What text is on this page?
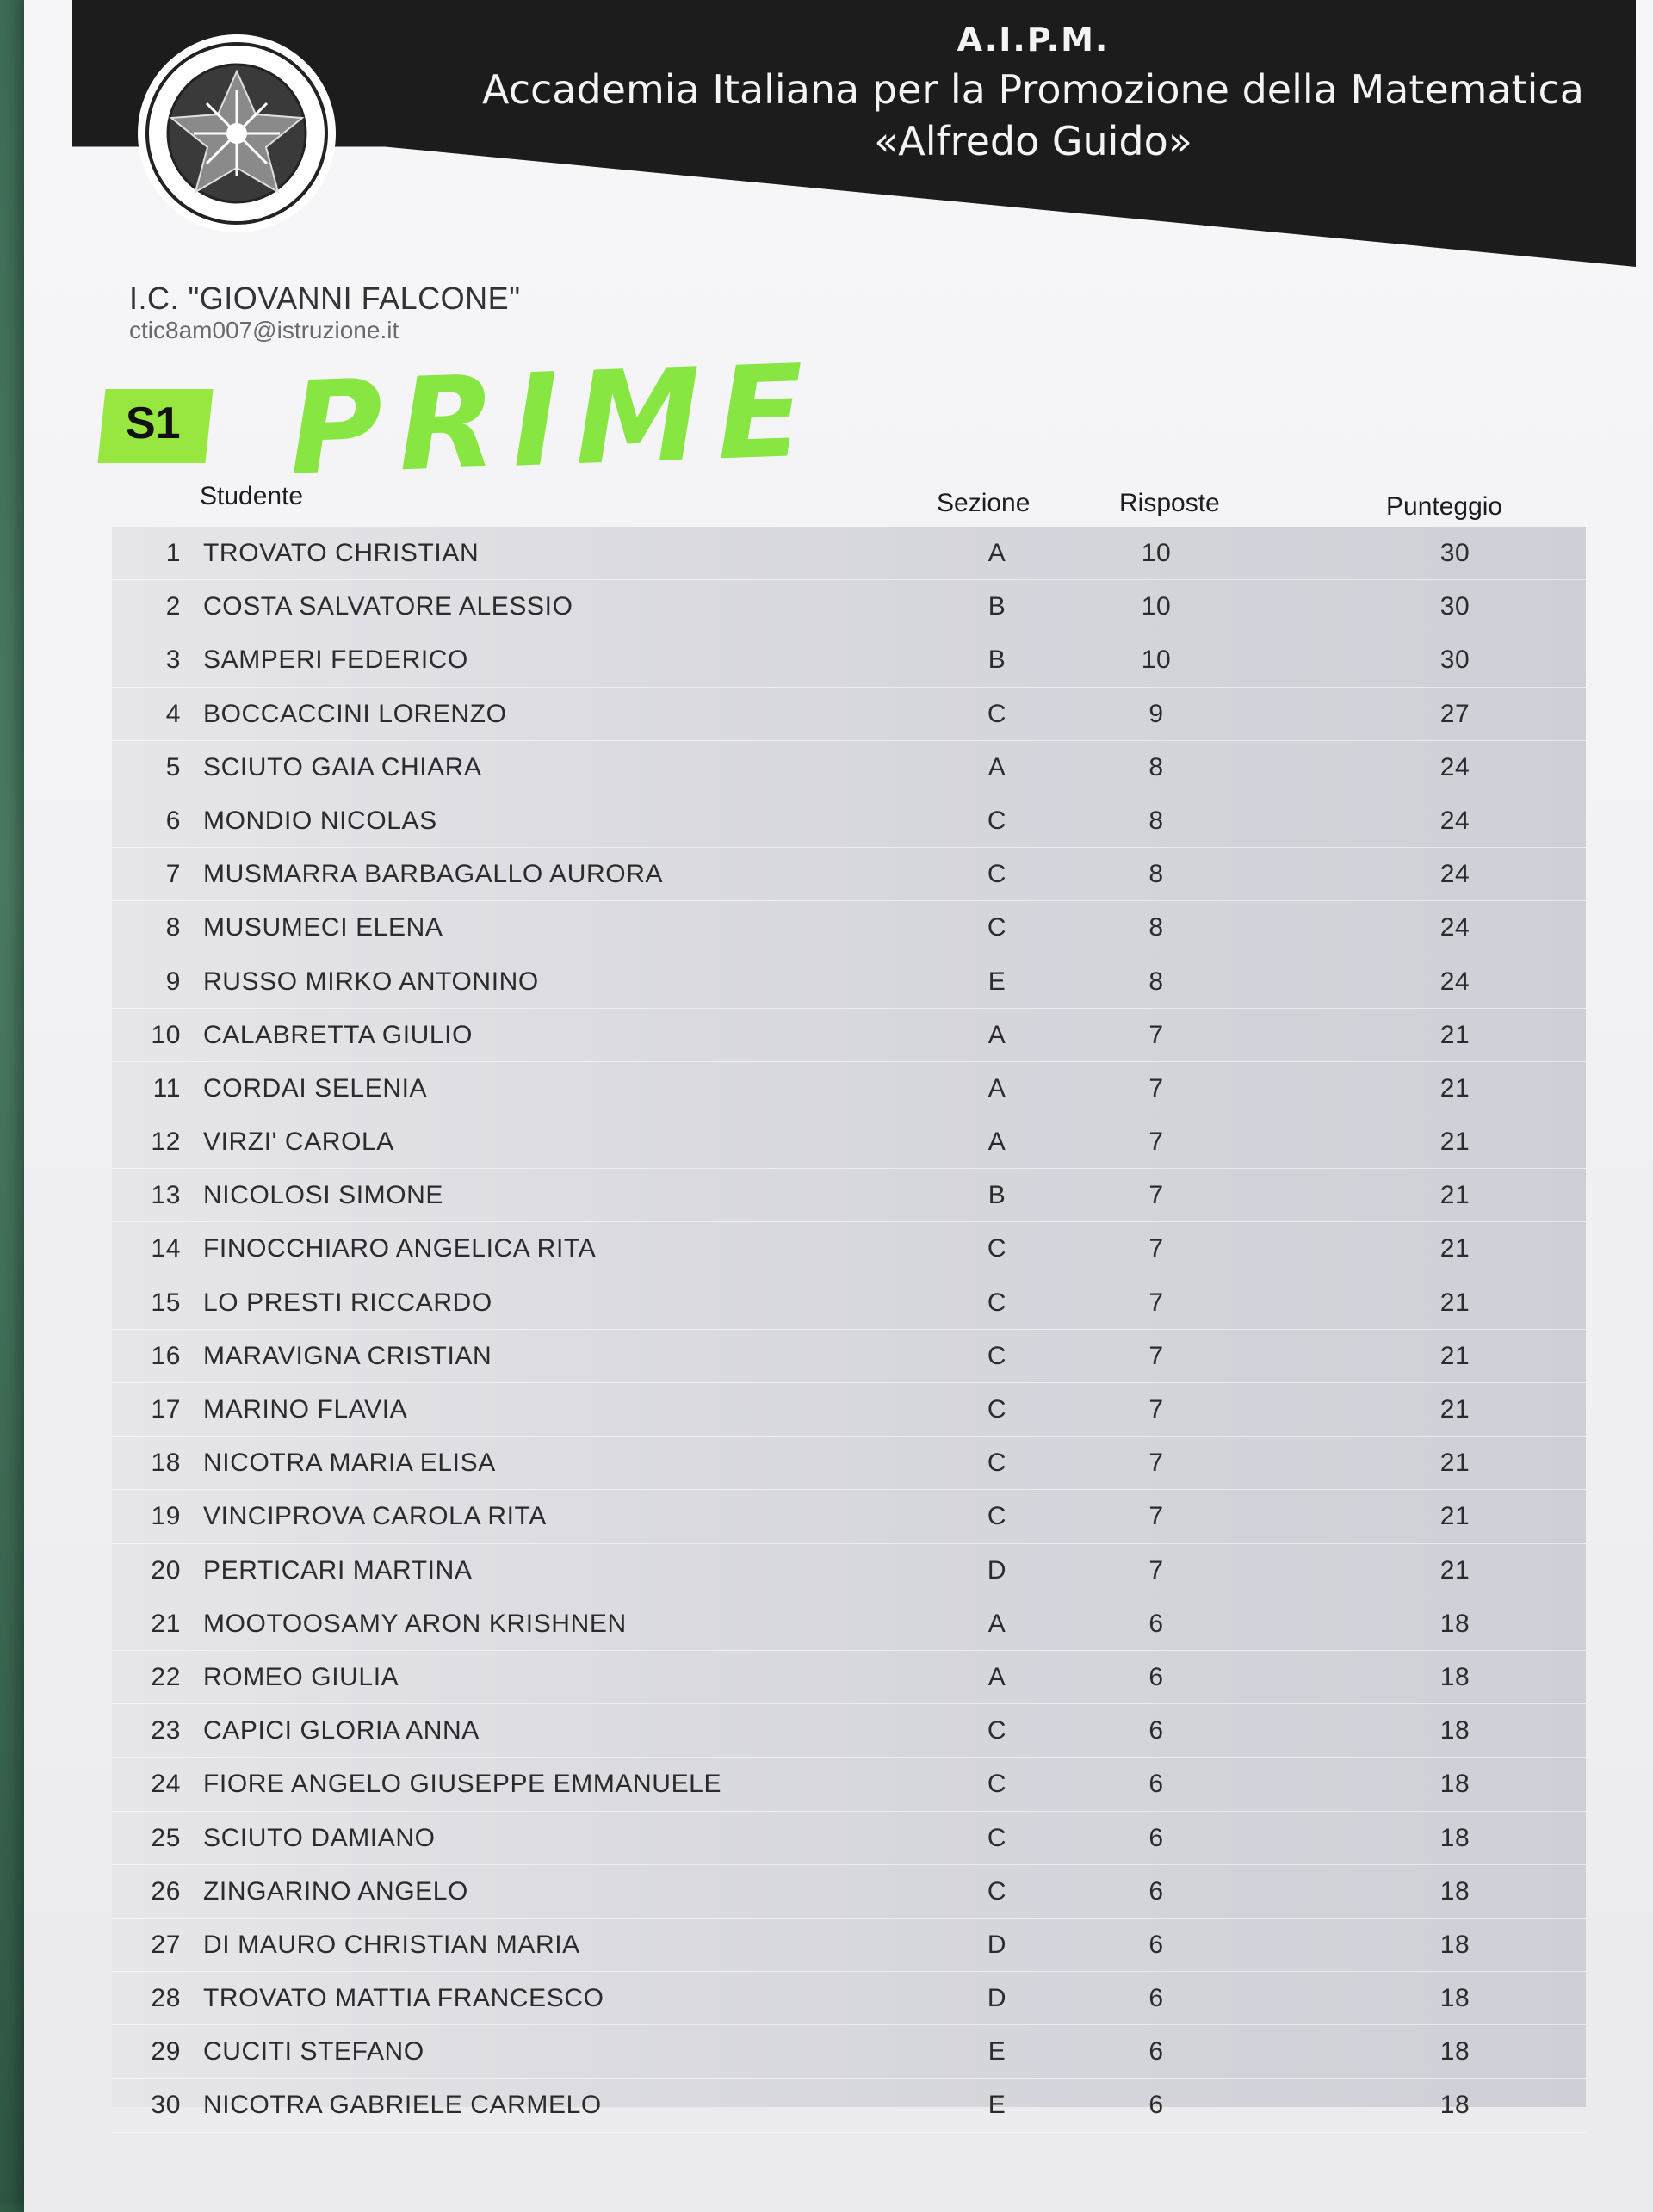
A.I.P.M.
Accademia Italiana per la Promozione della Matematica
«Alfredo Guido»
I.C. "GIOVANNI FALCONE"
ctic8am007@istruzione.it
S1 PRIME
Studente	Sezione	Risposte	Punteggio
1 TROVATO CHRISTIAN	A	10	30
2 COSTA SALVATORE ALESSIO	B	10	30
3 SAMPERI FEDERICO	B	10	30
4 BOCCACCINI LORENZO	C	9	27
5 SCIUTO GAIA CHIARA	A	8	24
6 MONDIO NICOLAS	C	8	24
7 MUSMARRA BARBAGALLO AURORA	C	8	24
8 MUSUMECI ELENA	C	8	24
9 RUSSO MIRKO ANTONINO	E	8	24
10 CALABRETTA GIULIO	A	7	21
11 CORDAI SELENIA	A	7	21
12 VIRZI' CAROLA	A	7	21
13 NICOLOSI SIMONE	B	7	21
14 FINOCCHIARO ANGELICA RITA	C	7	21
15 LO PRESTI RICCARDO	C	7	21
16 MARAVIGNA CRISTIAN	C	7	21
17 MARINO FLAVIA	C	7	21
18 NICOTRA MARIA ELISA	C	7	21
19 VINCIPROVA CAROLA RITA	C	7	21
20 PERTICARI MARTINA	D	7	21
21 MOOTOOSAMY ARON KRISHNEN	A	6	18
22 ROMEO GIULIA	A	6	18
23 CAPICI GLORIA ANNA	C	6	18
24 FIORE ANGELO GIUSEPPE EMMANUELE	C	6	18
25 SCIUTO DAMIANO	C	6	18
26 ZINGARINO ANGELO	C	6	18
27 DI MAURO CHRISTIAN MARIA	D	6	18
28 TROVATO MATTIA FRANCESCO	D	6	18
29 CUCITI STEFANO	E	6	18
30 NICOTRA GABRIELE CARMELO	E	6	18
